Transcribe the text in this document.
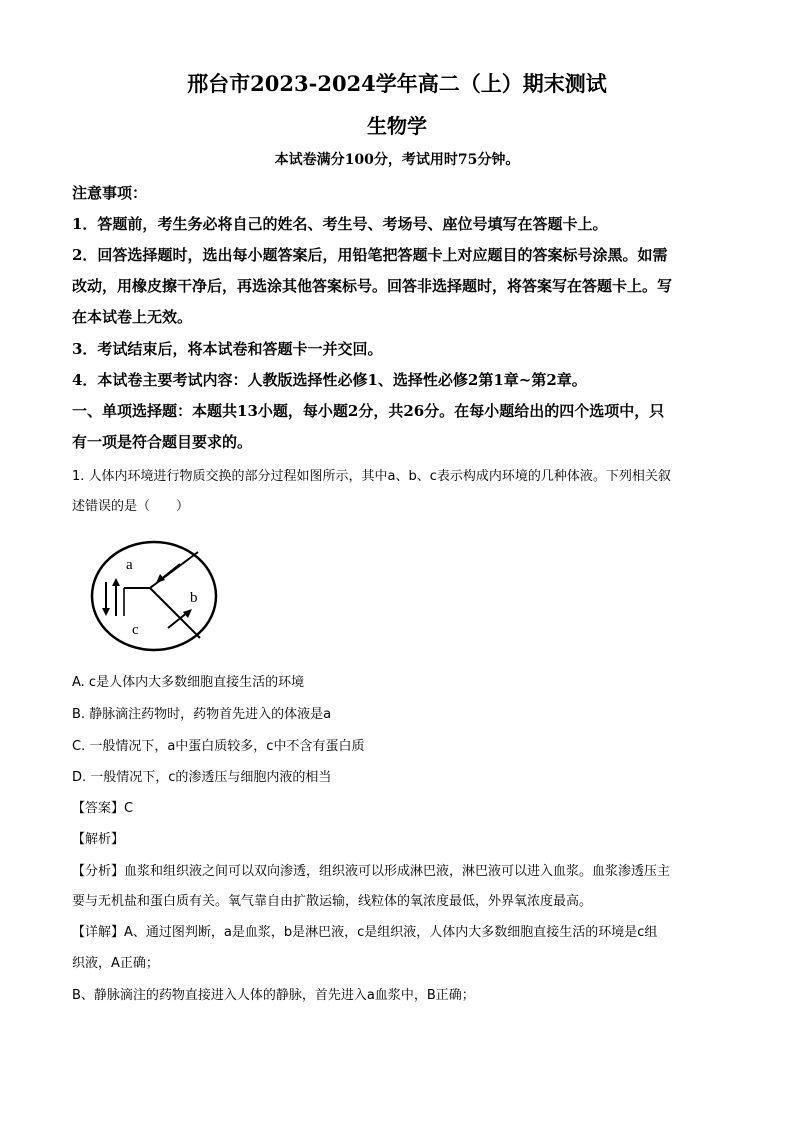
邢台市2023-2024学年高二（上）期末测试
生物学
本试卷满分100分，考试用时75分钟。
注意事项：
1．答题前，考生务必将自己的姓名、考生号、考场号、座位号填写在答题卡上。
2．回答选择题时，选出每小题答案后，用铅笔把答题卡上对应题目的答案标号涂黑。如需
改动，用橡皮擦干净后，再选涂其他答案标号。回答非选择题时，将答案写在答题卡上。写
在本试卷上无效。
3．考试结束后，将本试卷和答题卡一并交回。
4．本试卷主要考试内容：人教版选择性必修1、选择性必修2第1章~第2章。
一、单项选择题：本题共13小题，每小题2分，共26分。在每小题给出的四个选项中，只
有一项是符合题目要求的。
1. 人体内环境进行物质交换的部分过程如图所示，其中a、b、c表示构成内环境的几种体液。下列相关叙
述错误的是（　　）
a
b
c
A. c是人体内大多数细胞直接生活的环境
B. 静脉滴注药物时，药物首先进入的体液是a
C. 一般情况下，a中蛋白质较多，c中不含有蛋白质
D. 一般情况下，c的渗透压与细胞内液的相当
【答案】C
【解析】
【分析】血浆和组织液之间可以双向渗透，组织液可以形成淋巴液，淋巴液可以进入血浆。血浆渗透压主
要与无机盐和蛋白质有关。氧气靠自由扩散运输，线粒体的氧浓度最低，外界氧浓度最高。
【详解】A、通过图判断，a是血浆，b是淋巴液，c是组织液，人体内大多数细胞直接生活的环境是c组
织液，A正确；
B、静脉滴注的药物直接进入人体的静脉，首先进入a血浆中，B正确；
